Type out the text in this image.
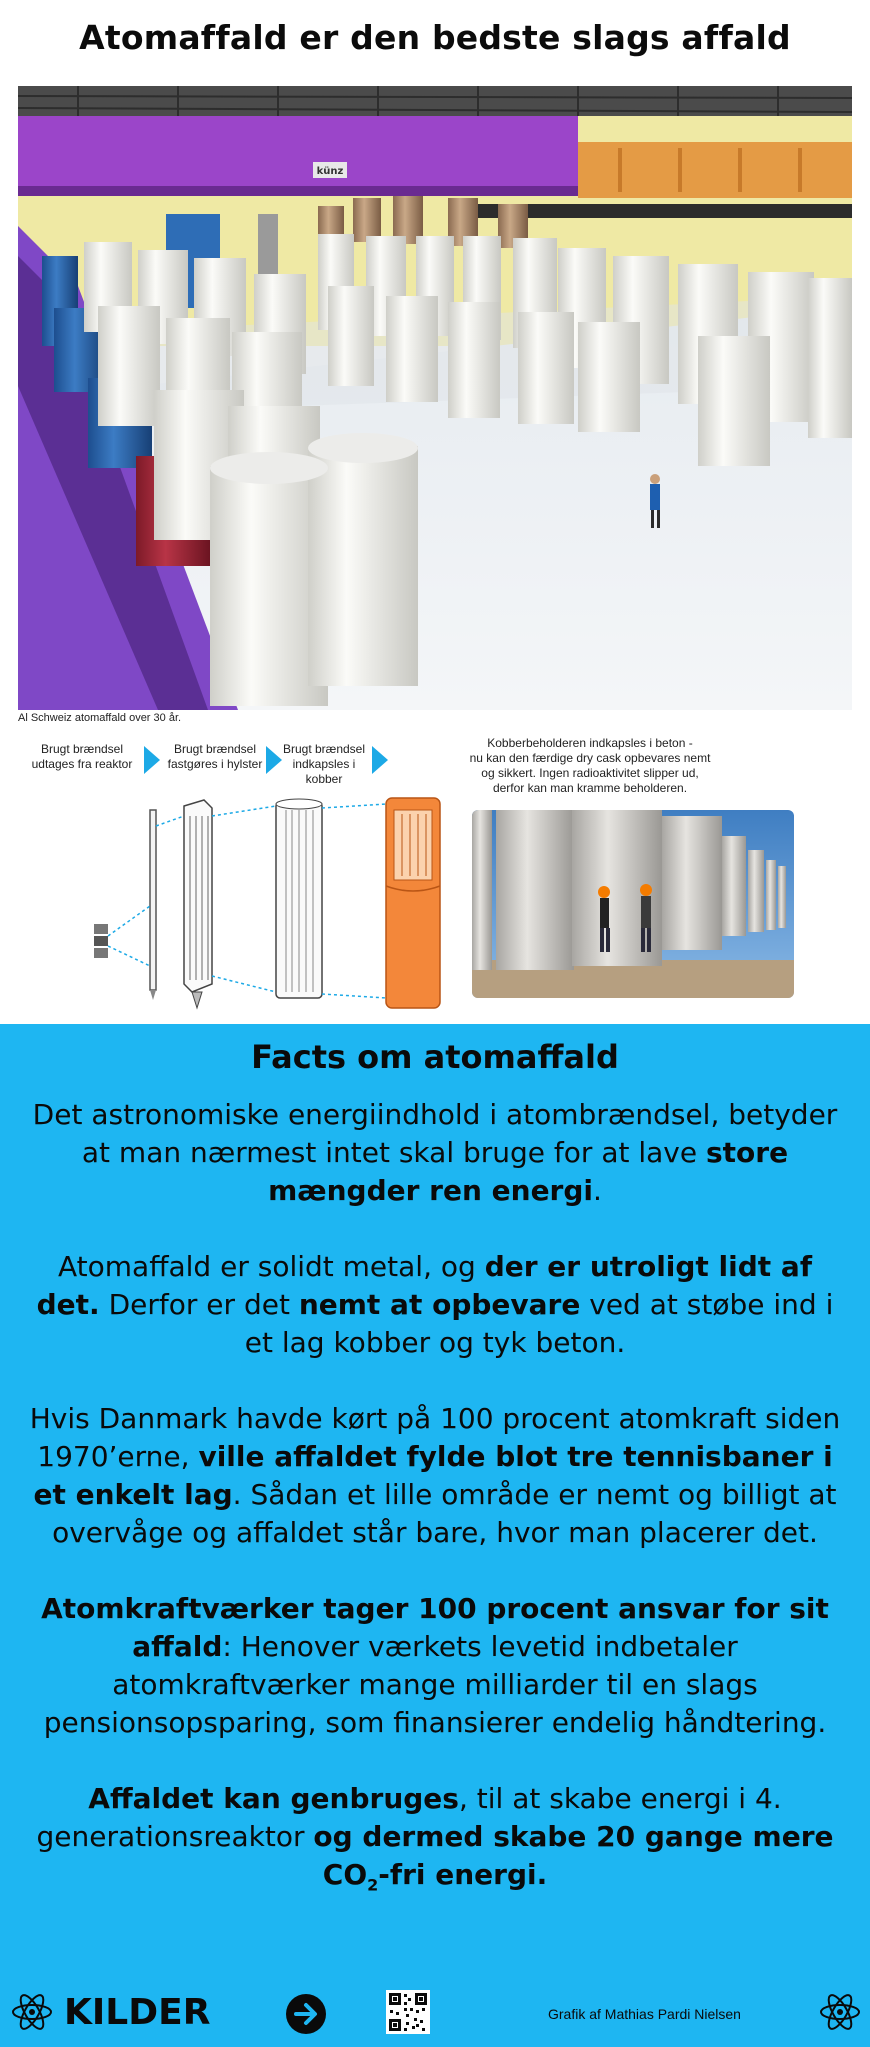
Atomaffald er den bedste slags affald
künz
Al Schweiz atomaffald over 30 år.
Brugt brændsel
udtages fra reaktor
Brugt brændsel
fastgøres i hylster
Brugt brændsel
indkapsles i
kobber
Kobberbeholderen indkapsles i beton -
nu kan den færdige dry cask opbevares nemt
og sikkert. Ingen radioaktivitet slipper ud,
derfor kan man kramme beholderen.
Facts om atomaffald

Det astronomiske energiindhold i atombrændsel, betyder at man nærmest intet skal bruge for at lave store mængder ren energi.

Atomaffald er solidt metal, og der er utroligt lidt af det. Derfor er det nemt at opbevare ved at støbe ind i et lag kobber og tyk beton.

Hvis Danmark havde kørt på 100 procent atomkraft siden 1970’erne, ville affaldet fylde blot tre tennisbaner i et enkelt lag. Sådan et lille område er nemt og billigt at overvåge og affaldet står bare, hvor man placerer det.

Atomkraftværker tager 100 procent ansvar for sit affald: Henover værkets levetid indbetaler atomkraftværker mange milliarder til en slags pensionsopsparing, som finansierer endelig håndtering.

Affaldet kan genbruges, til at skabe energi i 4. generationsreaktor og dermed skabe 20 gange mere $CO_2$-fri energi.

KILDER	Grafik af Mathias Pardi Nielsen
